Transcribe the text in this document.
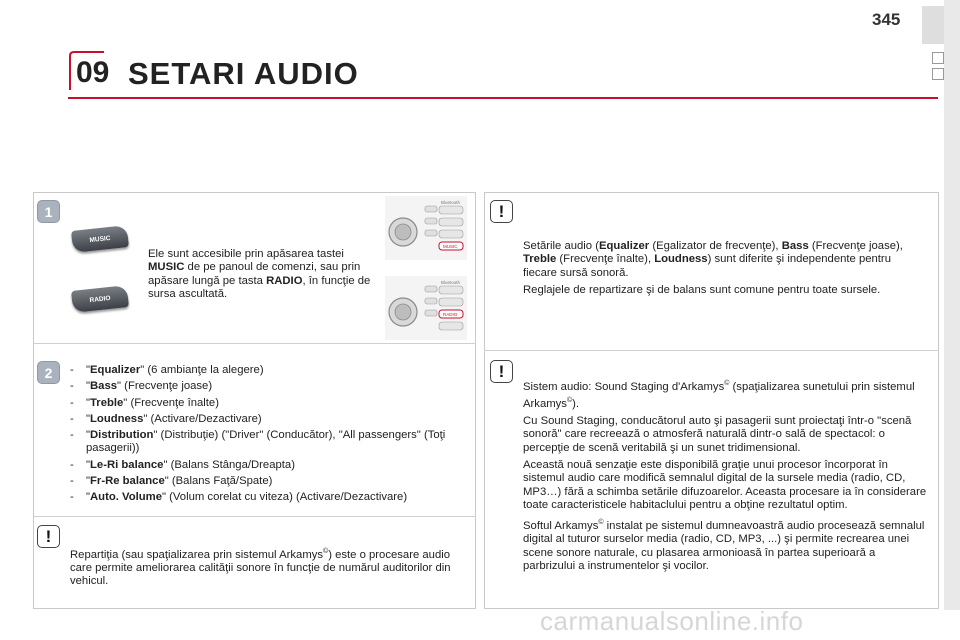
345
09 SETARI AUDIO
1
MUSIC
RADIO
Ele sunt accesibile prin apăsarea tastei MUSIC de pe panoul de comenzi, sau prin apăsare lungă pe tasta RADIO, în funcţie de sursa ascultată.
Bluetooth
MUSIC
Bluetooth
RADIO
2
-	"Equalizer" (6 ambianţe la alegere)
- "Bass" (Frecvenţe joase)
- "Treble" (Frecvenţe înalte)
- "Loudness" (Activare/Dezactivare)
- "Distribution" (Distribuţie) ("Driver" (Conducător), "All passengers" (Toţi pasagerii))
- "Le-Ri balance" (Balans Stânga/Dreapta)
- "Fr-Re balance" (Balans Faţă/Spate)
- "Auto. Volume" (Volum corelat cu viteza) (Activare/Dezactivare)
!
Repartiţia (sau spaţializarea prin sistemul Arkamys©) este o procesare audio care permite ameliorarea calităţii sonore în funcţie de numărul auditorilor din vehicul.
!

Setările audio (Equalizer (Egalizator de frecvenţe), Bass (Frecvenţe joase), Treble (Frecvenţe înalte), Loudness) sunt diferite şi independente pentru fiecare sursă sonoră.

Reglajele de repartizare şi de balans sunt comune pentru toate sursele.

!

Sistem audio: Sound Staging d'Arkamys© (spaţializarea sunetului prin sistemul Arkamys©).

Cu Sound Staging, conducătorul auto şi pasagerii sunt proiectaţi într-o "scenă sonoră" care recreează o atmosferă naturală dintr-o sală de spectacol: o percepţie de scenă veritabilă şi un sunet tridimensional.

Această nouă senzaţie este disponibilă graţie unui procesor încorporat în sistemul audio care modifică semnalul digital de la sursele media (radio, CD, MP3…) fără a schimba setările difuzoarelor. Aceasta procesare ia în considerare toate caracteristicele habitaclului pentru a obţine rezultatul optim.

Softul Arkamys© instalat pe sistemul dumneavoastră audio procesează semnalul digital al tuturor surselor media (radio, CD, MP3, ...) şi permite recrearea unei scene sonore naturale, cu plasarea armonioasă în partea superioară a parbrizului a instrumentelor şi vocilor.

carmanualsonline.info
